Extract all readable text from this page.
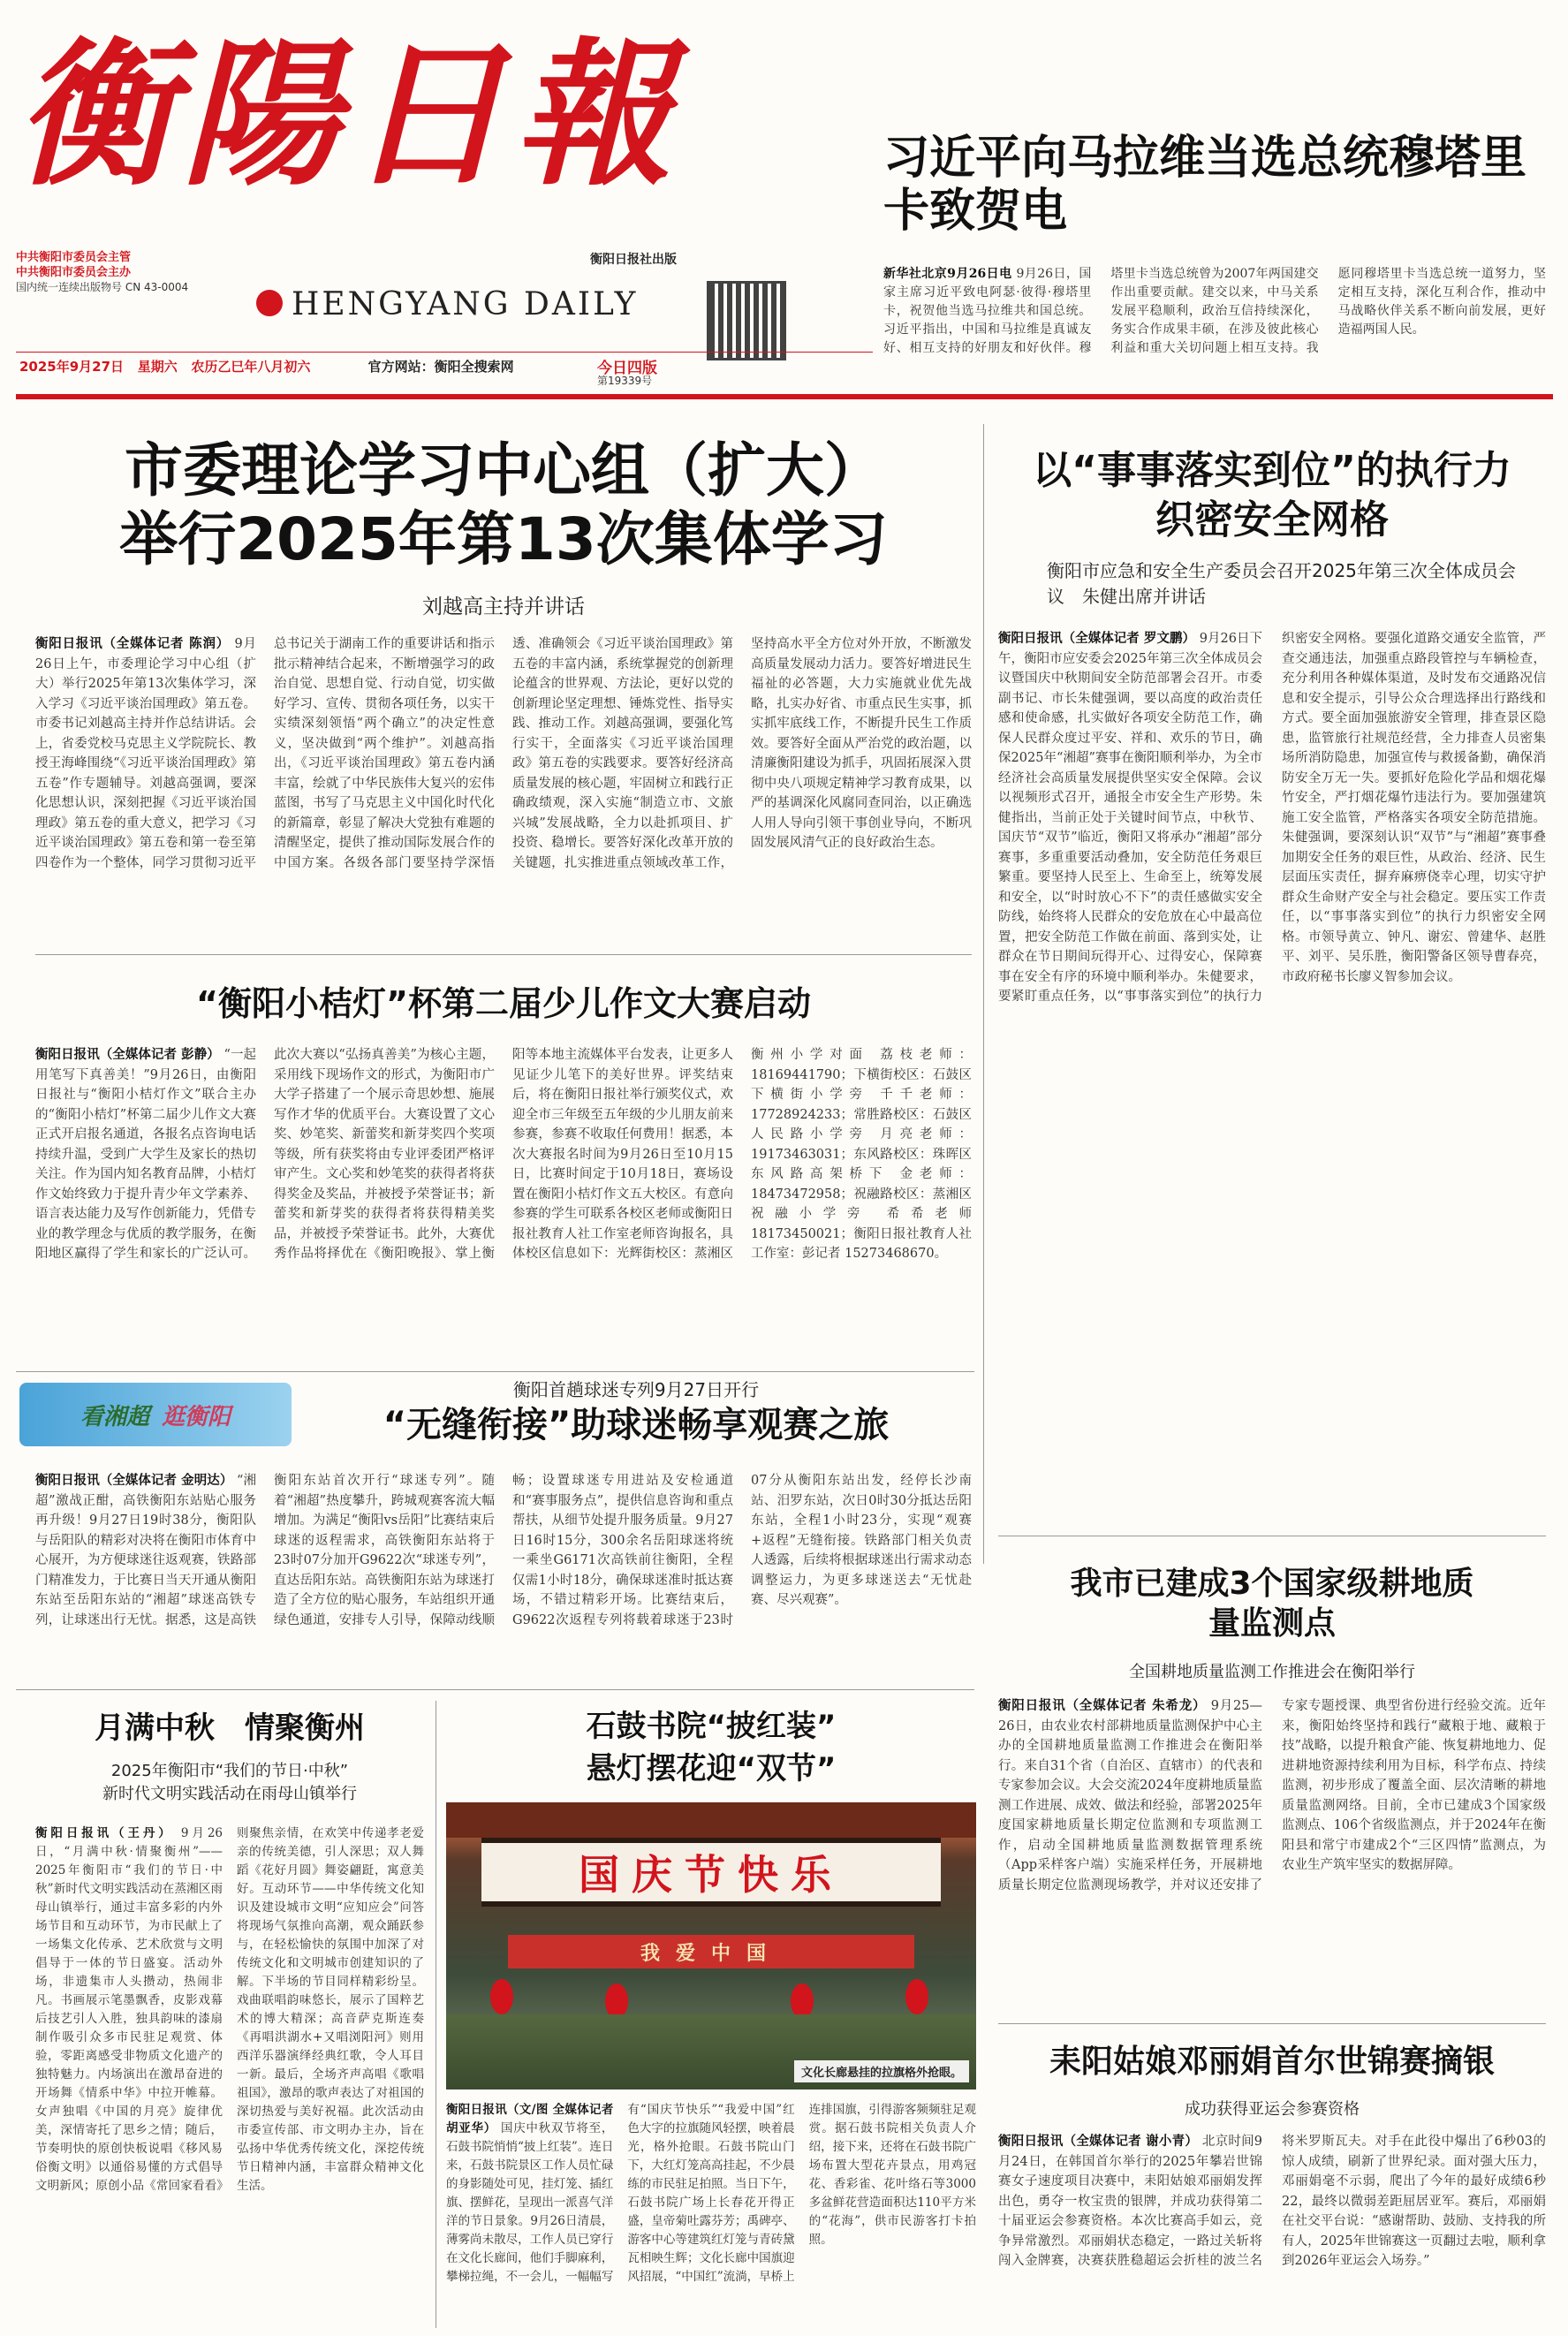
衡陽日報
中共衡阳市委员会主管
中共衡阳市委员会主办
国内统一连续出版物号 CN 43-0004	HENGYANG DAILY
衡阳日报社出版
2025年9月27日 星期六 农历乙巳年八月初六	官方网站：衡阳全搜索网	今日四版
第19339号
习近平向马拉维当选总统穆塔里卡致贺电
新华社北京9月26日电 9月26日，国家主席习近平致电阿瑟·彼得·穆塔里卡，祝贺他当选马拉维共和国总统。习近平指出，中国和马拉维是真诚友好、相互支持的好朋友和好伙伴。穆塔里卡当选总统曾为2007年两国建交作出重要贡献。建交以来，中马关系发展平稳顺利，政治互信持续深化，务实合作成果丰硕，在涉及彼此核心利益和重大关切问题上相互支持。我愿同穆塔里卡当选总统一道努力，坚定相互支持，深化互利合作，推动中马战略伙伴关系不断向前发展，更好造福两国人民。
市委理论学习中心组（扩大）
举行2025年第13次集体学习
刘越高主持并讲话
衡阳日报讯（全媒体记者 陈润） 9月26日上午，市委理论学习中心组（扩大）举行2025年第13次集体学习，深入学习《习近平谈治国理政》第五卷。市委书记刘越高主持并作总结讲话。会上，省委党校马克思主义学院院长、教授王海峰围绕“《习近平谈治国理政》第五卷”作专题辅导。刘越高强调，要深化思想认识，深刻把握《习近平谈治国理政》第五卷的重大意义，把学习《习近平谈治国理政》第五卷和第一卷至第四卷作为一个整体，同学习贯彻习近平总书记关于湖南工作的重要讲话和指示批示精神结合起来，不断增强学习的政治自觉、思想自觉、行动自觉，切实做好学习、宣传、贯彻各项任务，以实干实绩深刻领悟“两个确立”的决定性意义，坚决做到“两个维护”。刘越高指出，《习近平谈治国理政》第五卷内涵丰富，绘就了中华民族伟大复兴的宏伟蓝图，书写了马克思主义中国化时代化的新篇章，彰显了解决大党独有难题的清醒坚定，提供了推动国际发展合作的中国方案。各级各部门要坚持学深悟透、准确领会《习近平谈治国理政》第五卷的丰富内涵，系统掌握党的创新理论蕴含的世界观、方法论，更好以党的创新理论坚定理想、锤炼党性、指导实践、推动工作。刘越高强调，要强化笃行实干，全面落实《习近平谈治国理政》第五卷的实践要求。要答好经济高质量发展的核心题，牢固树立和践行正确政绩观，深入实施“制造立市、文旅兴城”发展战略，全力以赴抓项目、扩投资、稳增长。要答好深化改革开放的关键题，扎实推进重点领域改革工作，坚持高水平全方位对外开放，不断激发高质量发展动力活力。要答好增进民生福祉的必答题，大力实施就业优先战略，扎实办好省、市重点民生实事，抓实抓牢底线工作，不断提升民生工作质效。要答好全面从严治党的政治题，以清廉衡阳建设为抓手，巩固拓展深入贯彻中央八项规定精神学习教育成果，以严的基调深化风腐同查同治，以正确选人用人导向引领干事创业导向，不断巩固发展风清气正的良好政治生态。
以“事事落实到位”的执行力
织密安全网格
衡阳市应急和安全生产委员会召开2025年第三次全体成员会议　朱健出席并讲话
衡阳日报讯（全媒体记者 罗文鹏） 9月26日下午，衡阳市应安委会2025年第三次全体成员会议暨国庆中秋期间安全防范部署会召开。市委副书记、市长朱健强调，要以高度的政治责任感和使命感，扎实做好各项安全防范工作，确保人民群众度过平安、祥和、欢乐的节日，确保2025年“湘超”赛事在衡阳顺利举办，为全市经济社会高质量发展提供坚实安全保障。会议以视频形式召开，通报全市安全生产形势。朱健指出，当前正处于关键时间节点，中秋节、国庆节“双节”临近，衡阳又将承办“湘超”部分赛事，多重重要活动叠加，安全防范任务艰巨繁重。要坚持人民至上、生命至上，统筹发展和安全，以“时时放心不下”的责任感做实安全防线，始终将人民群众的安危放在心中最高位置，把安全防范工作做在前面、落到实处，让群众在节日期间玩得开心、过得安心，保障赛事在安全有序的环境中顺利举办。朱健要求，要紧盯重点任务，以“事事落实到位”的执行力织密安全网格。要强化道路交通安全监管，严查交通违法，加强重点路段管控与车辆检查，充分利用各种媒体渠道，及时发布交通路况信息和安全提示，引导公众合理选择出行路线和方式。要全面加强旅游安全管理，排查景区隐患，监管旅行社规范经营，全力排查人员密集场所消防隐患，加强宣传与救援备勤，确保消防安全万无一失。要抓好危险化学品和烟花爆竹安全，严打烟花爆竹违法行为。要加强建筑施工安全监管，严格落实各项安全防范措施。朱健强调，要深刻认识“双节”与“湘超”赛事叠加期安全任务的艰巨性，从政治、经济、民生层面压实责任，摒弃麻痹侥幸心理，切实守护群众生命财产安全与社会稳定。要压实工作责任，以“事事落实到位”的执行力织密安全网格。市领导黄立、钟凡、谢宏、曾建华、赵胜平、刘平、吴乐胜，衡阳警备区领导曹春亮，市政府秘书长廖义智参加会议。
“衡阳小桔灯”杯第二届少儿作文大赛启动
衡阳日报讯（全媒体记者 彭静） “一起用笔写下真善美！”9月26日，由衡阳日报社与“衡阳小桔灯作文”联合主办的“衡阳小桔灯”杯第二届少儿作文大赛正式开启报名通道，各报名点咨询电话持续升温，受到广大学生及家长的热切关注。作为国内知名教育品牌，小桔灯作文始终致力于提升青少年文学素养、语言表达能力及写作创新能力，凭借专业的教学理念与优质的教学服务，在衡阳地区赢得了学生和家长的广泛认可。此次大赛以“弘扬真善美”为核心主题，采用线下现场作文的形式，为衡阳市广大学子搭建了一个展示奇思妙想、施展写作才华的优质平台。大赛设置了文心奖、妙笔奖、新蕾奖和新芽奖四个奖项等级，所有获奖将由专业评委团严格评审产生。文心奖和妙笔奖的获得者将获得奖金及奖品，并被授予荣誉证书；新蕾奖和新芽奖的获得者将获得精美奖品，并被授予荣誉证书。此外，大赛优秀作品将择优在《衡阳晚报》、掌上衡阳等本地主流媒体平台发表，让更多人见证少儿笔下的美好世界。评奖结束后，将在衡阳日报社举行颁奖仪式，欢迎全市三年级至五年级的少儿朋友前来参赛，参赛不收取任何费用！据悉，本次大赛报名时间为9月26日至10月15日，比赛时间定于10月18日，赛场设置在衡阳小桔灯作文五大校区。有意向参赛的学生可联系各校区老师或衡阳日报社教育人社工作室老师咨询报名，具体校区信息如下：光辉街校区：蒸湘区衡州小学对面 荔枝老师：18169441790；下横街校区：石鼓区下横街小学旁 千千老师：17728924233；常胜路校区：石鼓区人民路小学旁 月亮老师：19173463031；东风路校区：珠晖区东风路高架桥下 金老师：18473472958；祝融路校区：蒸湘区祝融小学旁 希希老师18173450021；衡阳日报社教育人社工作室：彭记者 15273468670。
看湘超 逛衡阳
衡阳首趟球迷专列9月27日开行
“无缝衔接”助球迷畅享观赛之旅
衡阳日报讯（全媒体记者 金明达） “湘超”激战正酣，高铁衡阳东站贴心服务再升级！9月27日19时38分，衡阳队与岳阳队的精彩对决将在衡阳市体育中心展开，为方便球迷往返观赛，铁路部门精准发力，于比赛日当天开通从衡阳东站至岳阳东站的“湘超”球迷高铁专列，让球迷出行无忧。据悉，这是高铁衡阳东站首次开行“球迷专列”。随着“湘超”热度攀升，跨城观赛客流大幅增加。为满足“衡阳vs岳阳”比赛结束后球迷的返程需求，高铁衡阳东站将于23时07分加开G9622次“球迷专列”，直达岳阳东站。高铁衡阳东站为球迷打造了全方位的贴心服务，车站组织开通绿色通道，安排专人引导，保障动线顺畅；设置球迷专用进站及安检通道和“赛事服务点”，提供信息咨询和重点帮扶，从细节处提升服务质量。9月27日16时15分，300余名岳阳球迷将统一乘坐G6171次高铁前往衡阳，全程仅需1小时18分，确保球迷准时抵达赛场，不错过精彩开场。比赛结束后，G9622次返程专列将载着球迷于23时07分从衡阳东站出发，经停长沙南站、汨罗东站，次日0时30分抵达岳阳东站，全程1小时23分，实现“观赛+返程”无缝衔接。铁路部门相关负责人透露，后续将根据球迷出行需求动态调整运力，为更多球迷送去“无忧赴赛、尽兴观赛”。	我市已建成3个国家级耕地质量监测点
全国耕地质量监测工作推进会在衡阳举行
衡阳日报讯（全媒体记者 朱希龙） 9月25—26日，由农业农村部耕地质量监测保护中心主办的全国耕地质量监测工作推进会在衡阳举行。来自31个省（自治区、直辖市）的代表和专家参加会议。大会交流2024年度耕地质量监测工作进展、成效、做法和经验，部署2025年度国家耕地质量长期定位监测和专项监测工作，启动全国耕地质量监测数据管理系统（App采样客户端）实施采样任务，开展耕地质量长期定位监测现场教学，并对议还安排了专家专题授课、典型省份进行经验交流。近年来，衡阳始终坚持和践行“藏粮于地、藏粮于技”战略，以提升粮食产能、恢复耕地地力、促进耕地资源持续利用为目标，科学布点、持续监测，初步形成了覆盖全面、层次清晰的耕地质量监测网络。目前，全市已建成3个国家级监测点、106个省级监测点，并于2024年在衡阳县和常宁市建成2个“三区四情”监测点，为农业生产筑牢坚实的数据屏障。
耒阳姑娘邓丽娟首尔世锦赛摘银
成功获得亚运会参赛资格
衡阳日报讯（全媒体记者 谢小青） 北京时间9月24日，在韩国首尔举行的2025年攀岩世锦赛女子速度项目决赛中，耒阳姑娘邓丽娟发挥出色，勇夺一枚宝贵的银牌，并成功获得第二十届亚运会参赛资格。本次比赛高手如云，竞争异常激烈。邓丽娟状态稳定，一路过关斩将闯入金牌赛，决赛获胜稳超运会折桂的波兰名将米罗斯瓦夫。对手在此役中爆出了6秒03的惊人成绩，刷新了世界纪录。面对强大压力，邓丽娟毫不示弱，爬出了今年的最好成绩6秒22，最终以微弱差距屈居亚军。赛后，邓丽娟在社交平台说：“感谢帮助、鼓励、支持我的所有人，2025年世锦赛这一页翻过去啦，顺利拿到2026年亚运会入场券。”
月满中秋　情聚衡州
2025年衡阳市“我们的节日·中秋”
新时代文明实践活动在雨母山镇举行
衡阳日报讯（王丹） 9月26日，“月满中秋·情聚衡州”——2025年衡阳市“我们的节日·中秋”新时代文明实践活动在蒸湘区雨母山镇举行，通过丰富多彩的内外场节目和互动环节，为市民献上了一场集文化传承、艺术欣赏与文明倡导于一体的节日盛宴。活动外场，非遗集市人头攒动，热闹非凡。书画展示笔墨飘香，皮影戏幕后技艺引人入胜，独具韵味的漆扇制作吸引众多市民驻足观赏、体验，零距离感受非物质文化遗产的独特魅力。内场演出在激昂奋进的开场舞《情系中华》中拉开帷幕。女声独唱《中国的月亮》旋律优美，深情寄托了思乡之情；随后，节奏明快的原创快板说唱《移风易俗衡文明》以通俗易懂的方式倡导文明新风；原创小品《常回家看看》则聚焦亲情，在欢笑中传递孝老爱亲的传统美德，引人深思；双人舞蹈《花好月圆》舞姿翩跹，寓意美好。互动环节——中华传统文化知识及建设城市文明“应知应会”问答将现场气氛推向高潮，观众踊跃参与，在轻松愉快的氛围中加深了对传统文化和文明城市创建知识的了解。下半场的节目同样精彩纷呈。戏曲联唱韵味悠长，展示了国粹艺术的博大精深；高音萨克斯连奏《再唱洪湖水+又唱浏阳河》则用西洋乐器演绎经典红歌，令人耳目一新。最后，全场齐声高唱《歌唱祖国》，激昂的歌声表达了对祖国的深切热爱与美好祝福。此次活动由市委宣传部、市文明办主办，旨在弘扬中华优秀传统文化，深挖传统节日精神内涵，丰富群众精神文化生活。
石鼓书院“披红装”
悬灯摆花迎“双节”
国庆节快乐
我爱中国
文化长廊悬挂的拉旗格外抢眼。
衡阳日报讯（文/图 全媒体记者 胡亚华） 国庆中秋双节将至，石鼓书院悄悄“披上红装”。连日来，石鼓书院景区工作人员忙碌的身影随处可见，挂灯笼、插红旗、摆鲜花，呈现出一派喜气洋洋的节日景象。9月26日清晨，薄雾尚未散尽，工作人员已穿行在文化长廊间，他们手脚麻利，攀梯拉绳，不一会儿，一幅幅写有“国庆节快乐”“我爱中国”红色大字的拉旗随风轻摆，映着晨光，格外抢眼。石鼓书院山门下，大红灯笼高高挂起，不少晨练的市民驻足拍照。当日下午，石鼓书院广场上长春花开得正盛，皇帝菊吐露芬芳；禹碑亭、游客中心等建筑红灯笼与青砖黛瓦相映生辉；文化长廊中国旗迎风招展，“中国红”流淌，早桥上连排国旗，引得游客频频驻足观赏。据石鼓书院相关负责人介绍，接下来，还将在石鼓书院广场布置大型花卉景点，用鸡冠花、香彩雀、花叶络石等3000多盆鲜花营造面积达110平方米的“花海”，供市民游客打卡拍照。
